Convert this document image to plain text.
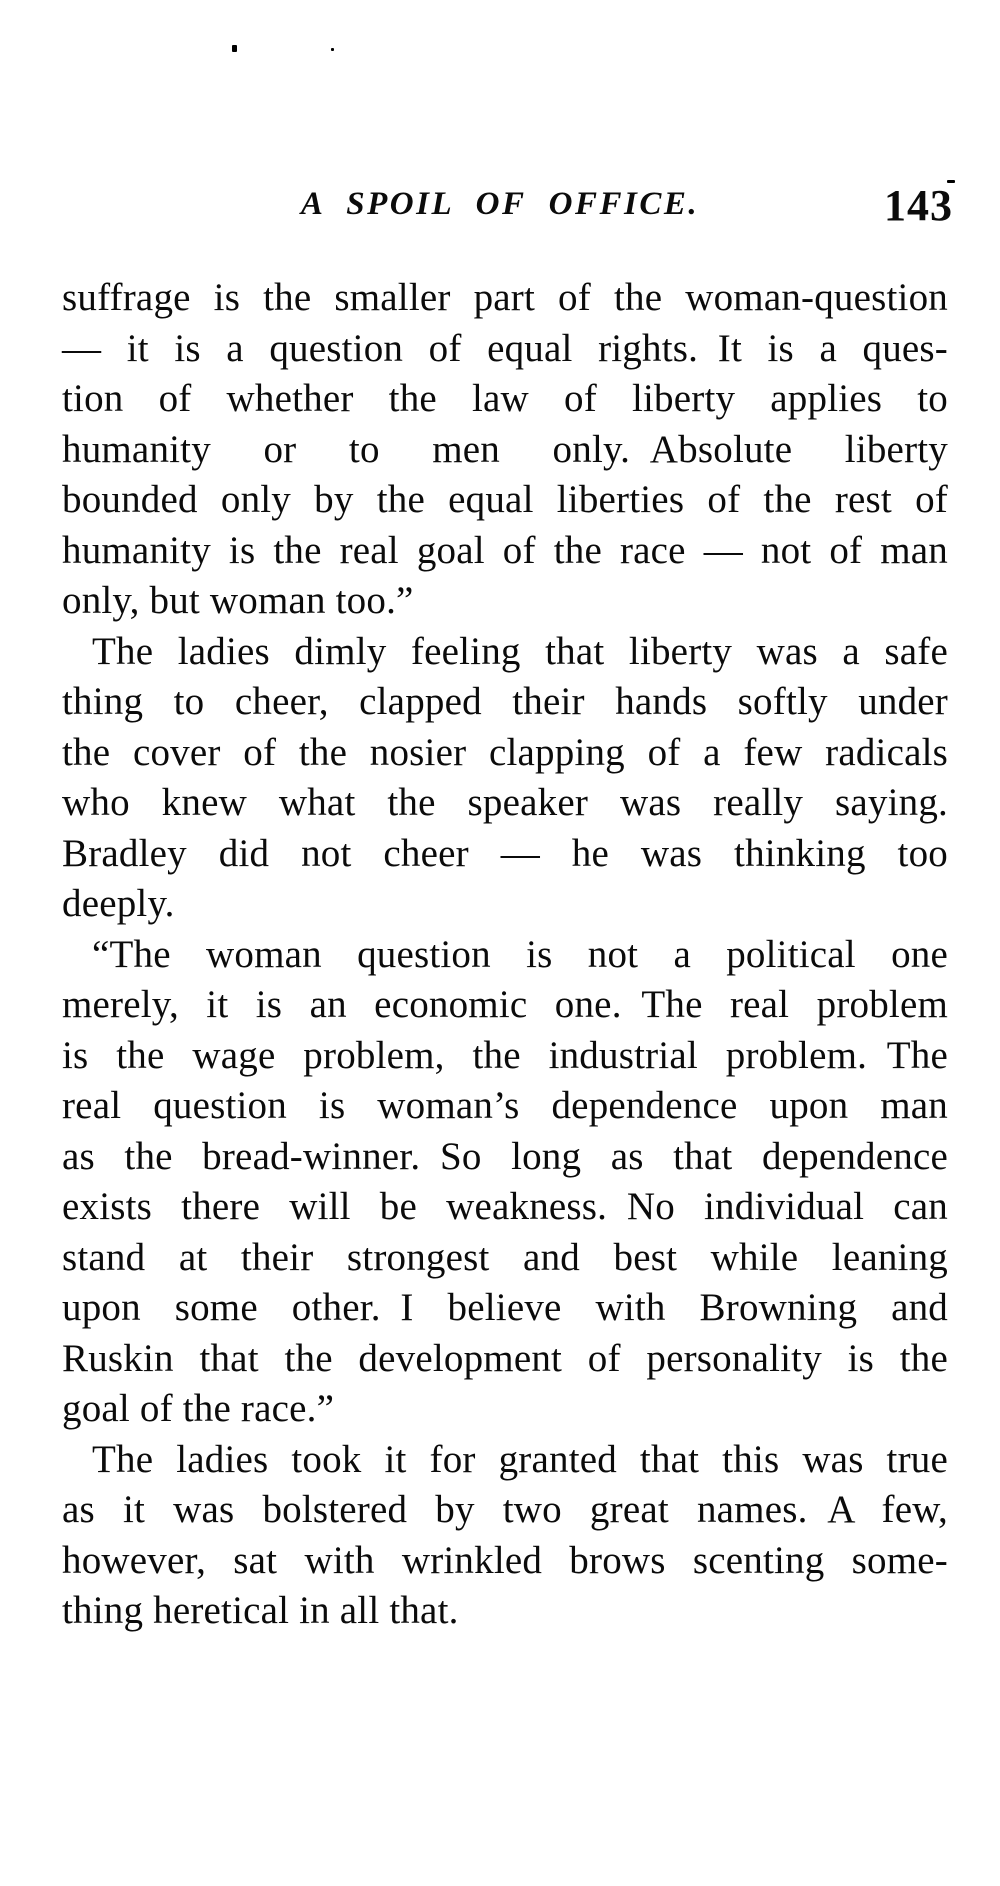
A SPOIL OF OFFICE.	143
suffrage is the smaller part of the woman-question
— it is a question of equal rights. It is a ques-
tion of whether the law of liberty applies to
humanity or to men only. Absolute liberty
bounded only by the equal liberties of the rest of
humanity is the real goal of the race — not of man
only, but woman too.”
The ladies dimly feeling that liberty was a safe
thing to cheer, clapped their hands softly under
the cover of the nosier clapping of a few radicals
who knew what the speaker was really saying.
Bradley did not cheer — he was thinking too
deeply.
“The woman question is not a political one
merely, it is an economic one. The real problem
is the wage problem, the industrial problem. The
real question is woman’s dependence upon man
as the bread-winner. So long as that dependence
exists there will be weakness. No individual can
stand at their strongest and best while leaning
upon some other. I believe with Browning and
Ruskin that the development of personality is the
goal of the race.”
The ladies took it for granted that this was true
as it was bolstered by two great names. A few,
however, sat with wrinkled brows scenting some-
thing heretical in all that.
